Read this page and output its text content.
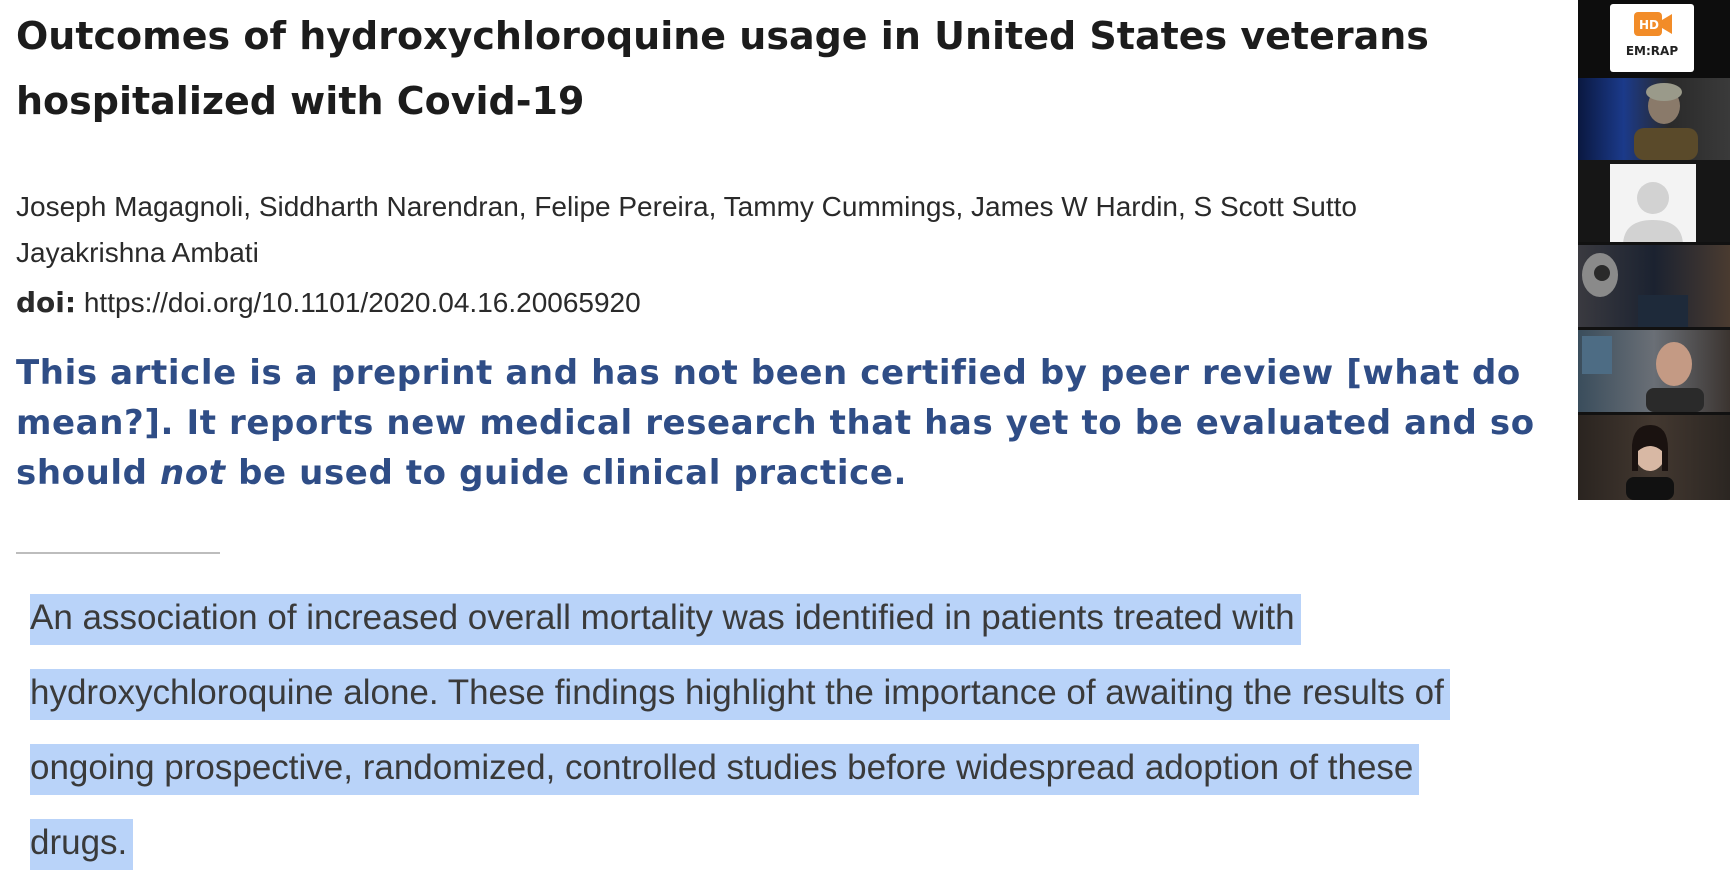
Outcomes of hydroxychloroquine usage in United States veterans hospitalized with Covid-19
Joseph Magagnoli, Siddharth Narendran, Felipe Pereira, Tammy Cummings, James W Hardin, S Scott Sutto
Jayakrishna Ambati
doi: https://doi.org/10.1101/2020.04.16.20065920
This article is a preprint and has not been certified by peer review [what do
mean?]. It reports new medical research that has yet to be evaluated and so
should not be used to guide clinical practice.
An association of increased overall mortality was identified in patients treated with
hydroxychloroquine alone. These findings highlight the importance of awaiting the results of
ongoing prospective, randomized, controlled studies before widespread adoption of these
drugs.
HD
EM:RAP
